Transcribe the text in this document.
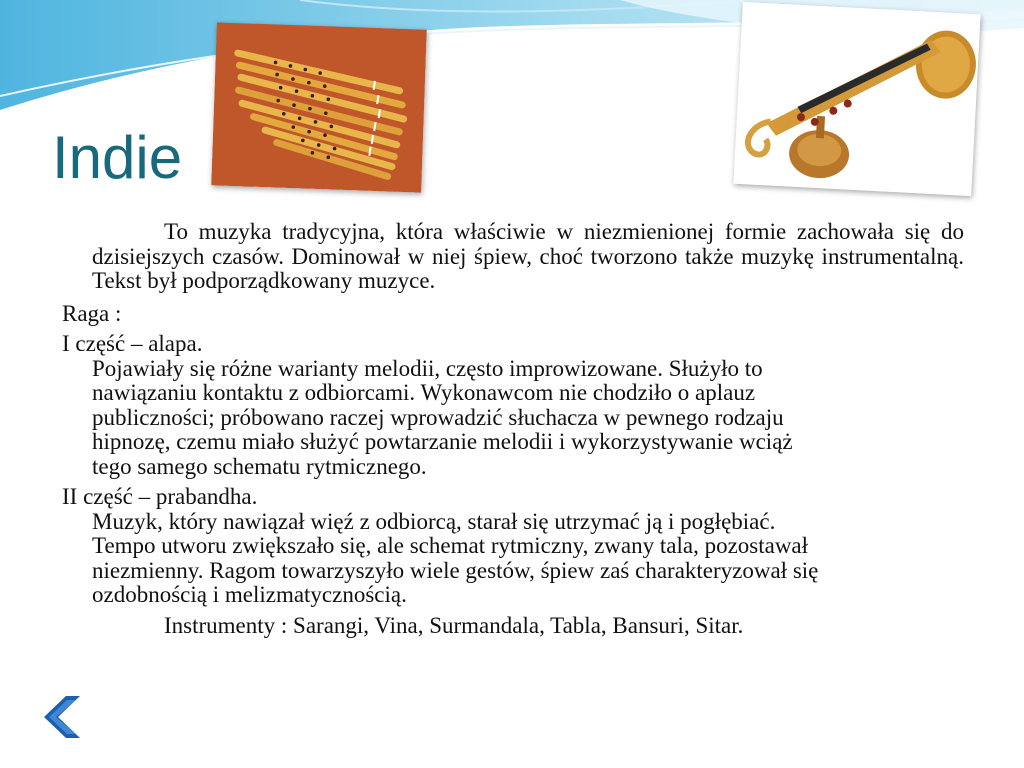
Indie

To muzyka tradycyjna, która właściwie w niezmienionej formie zachowała się do dzisiejszych czasów. Dominował w niej śpiew, choć tworzono także muzykę instrumentalną. Tekst był podporządkowany muzyce.

Raga :

I część – alapa.

Pojawiały się różne warianty melodii, często improwizowane. Służyło to

nawiązaniu kontaktu z odbiorcami. Wykonawcom nie chodziło o aplauz

publiczności; próbowano raczej wprowadzić słuchacza w pewnego rodzaju

hipnozę, czemu miało służyć powtarzanie melodii i wykorzystywanie wciąż

tego samego schematu rytmicznego.

II część – prabandha.

Muzyk, który nawiązał więź z odbiorcą, starał się utrzymać ją i pogłębiać.

Tempo utworu zwiększało się, ale schemat rytmiczny, zwany tala, pozostawał

niezmienny. Ragom towarzyszyło wiele gestów, śpiew zaś charakteryzował się

ozdobnością i melizmatycznością.

Instrumenty : Sarangi, Vina, Surmandala, Tabla, Bansuri, Sitar.
